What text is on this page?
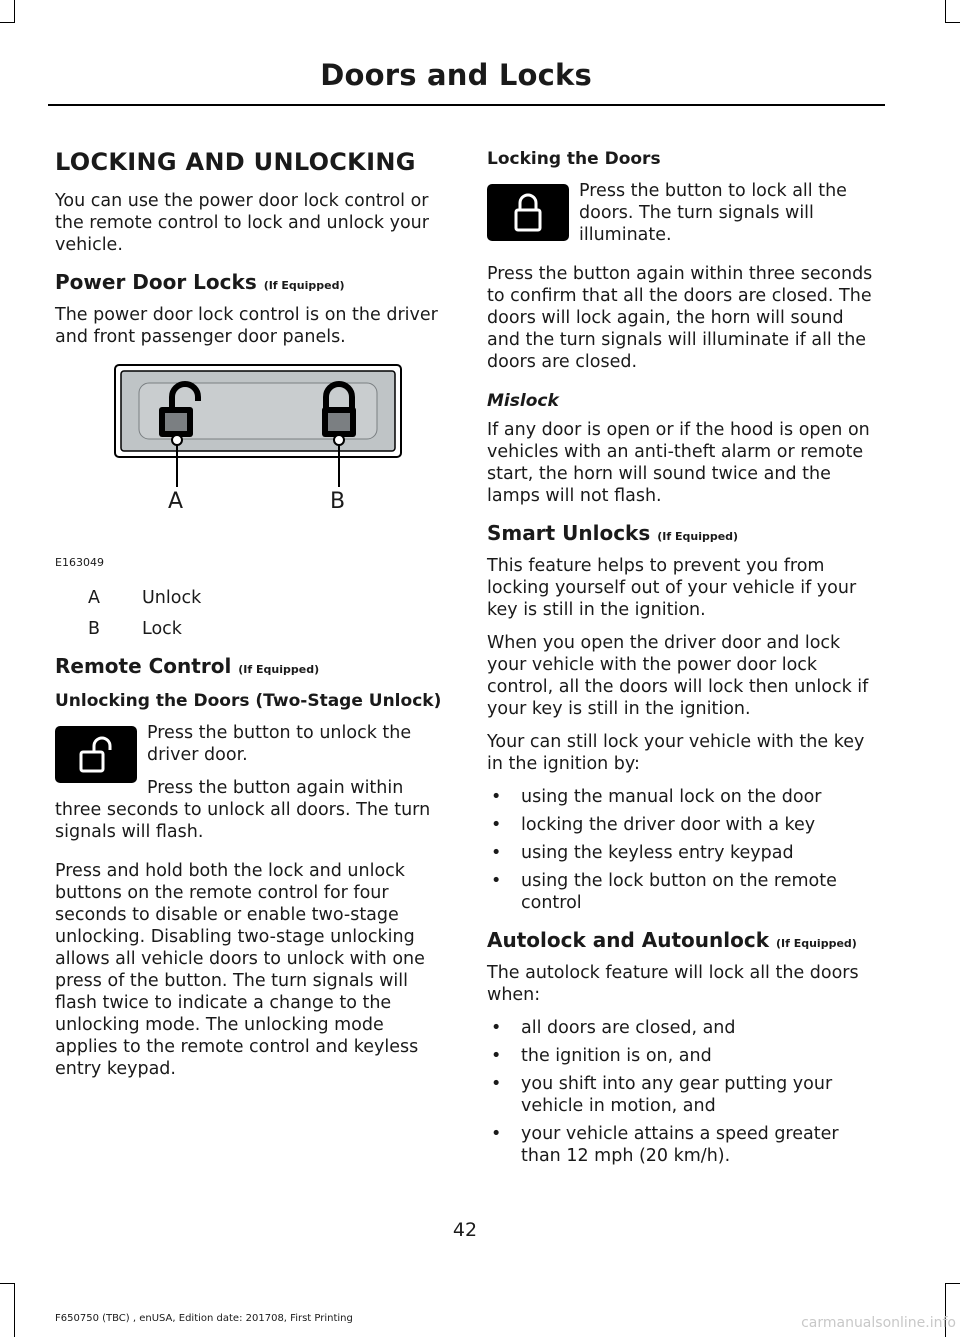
Doors and Locks
LOCKING AND UNLOCKING

You can use the power door lock control or the remote control to lock and unlock your vehicle.

Power Door Locks (If Equipped)

The power door lock control is on the driver and front passenger door panels.

A	B
E163049
A	Unlock
B	Lock
Remote Control (If Equipped)
Unlocking the Doors (Two-Stage Unlock)

Press the button to unlock the driver door.

Press the button again within three seconds to unlock all doors. The turn signals will flash.

Press and hold both the lock and unlock buttons on the remote control for four seconds to disable or enable two-stage unlocking. Disabling two-stage unlocking allows all vehicle doors to unlock with one press of the button. The turn signals will flash twice to indicate a change to the unlocking mode. The unlocking mode applies to the remote control and keyless entry keypad.

Locking the Doors

Press the button to lock all the doors. The turn signals will illuminate.

Press the button again within three seconds to confirm that all the doors are closed. The doors will lock again, the horn will sound and the turn signals will illuminate if all the doors are closed.

Mislock

If any door is open or if the hood is open on vehicles with an anti-theft alarm or remote start, the horn will sound twice and the lamps will not flash.

Smart Unlocks (If Equipped)

This feature helps to prevent you from locking yourself out of your vehicle if your key is still in the ignition.

When you open the driver door and lock your vehicle with the power door lock control, all the doors will lock then unlock if your key is still in the ignition.

Your can still lock your vehicle with the key in the ignition by:

• using the manual lock on the door
• locking the driver door with a key
• using the keyless entry keypad
• using the lock button on the remote control
Autolock and Autounlock (If Equipped)

The autolock feature will lock all the doors when:

• all doors are closed, and
• the ignition is on, and
• you shift into any gear putting your vehicle in motion, and
• your vehicle attains a speed greater than 12 mph (20 km/h).
42
F650750 (TBC) , enUSA, Edition date: 201708, First Printing	carmanualsonline.info
